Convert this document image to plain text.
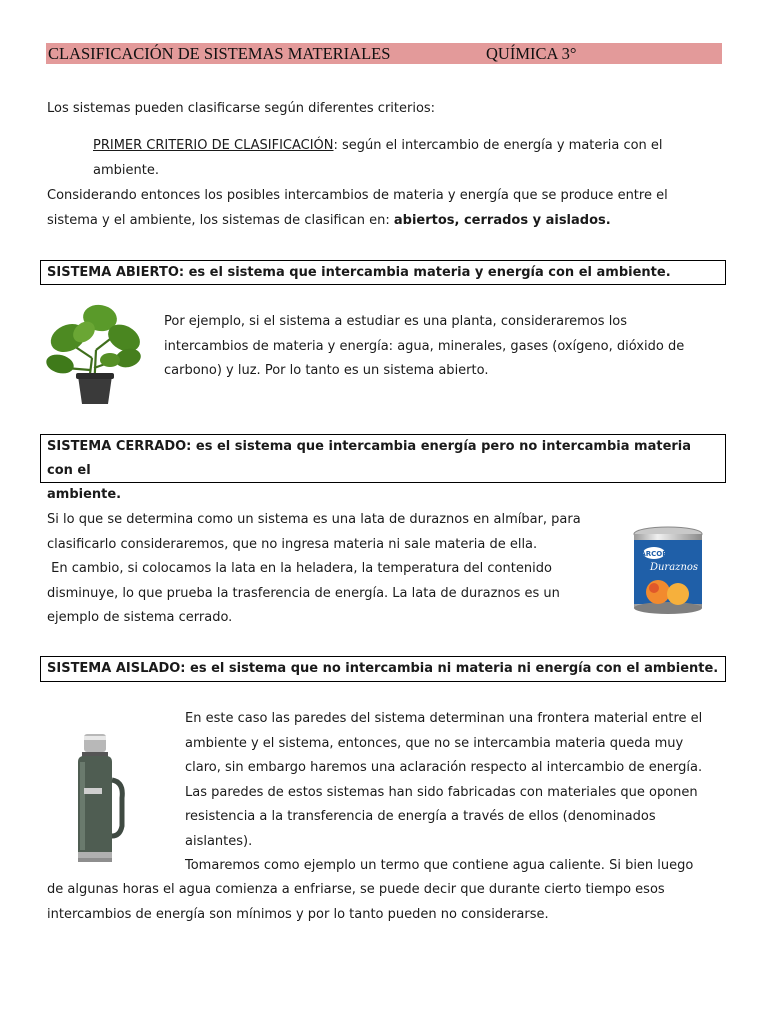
CLASIFICACIÓN DE SISTEMAS MATERIALES	QUÍMICA 3°
Los sistemas pueden clasificarse según diferentes criterios:
PRIMER CRITERIO DE CLASIFICACIÓN: según el intercambio de energía y materia con el
ambiente.
Considerando entonces los posibles intercambios de materia y energía que se produce entre el
sistema y el ambiente, los sistemas de clasifican en: abiertos, cerrados y aislados.
SISTEMA ABIERTO: es el sistema que intercambia materia y energía con el ambiente.
Por ejemplo, si el sistema a estudiar es una planta, consideraremos los
intercambios de materia y energía: agua, minerales, gases (oxígeno, dióxido de
carbono) y luz. Por lo tanto es un sistema abierto.
SISTEMA CERRADO: es el sistema que intercambia energía pero no intercambia materia con el
ambiente.
Si lo que se determina como un sistema es una lata de duraznos en almíbar, para
clasificarlo consideraremos, que no ingresa materia ni sale materia de ella.
En cambio, si colocamos la lata en la heladera, la temperatura del contenido
disminuye, lo que prueba la trasferencia de energía. La lata de duraznos es un
ejemplo de sistema cerrado.
ARCOR
Duraznos
SISTEMA AISLADO: es el sistema que no intercambia ni materia ni energía con el ambiente.
En este caso las paredes del sistema determinan una frontera material entre el
ambiente y el sistema, entonces, que no se intercambia materia queda muy
claro, sin embargo haremos una aclaración respecto al intercambio de energía.
Las paredes de estos sistemas han sido fabricadas con materiales que oponen
resistencia a la transferencia de energía a través de ellos (denominados
aislantes).
Tomaremos como ejemplo un termo que contiene agua caliente. Si bien luego
de algunas horas el agua comienza a enfriarse, se puede decir que durante cierto tiempo esos
intercambios de energía son mínimos y por lo tanto pueden no considerarse.
